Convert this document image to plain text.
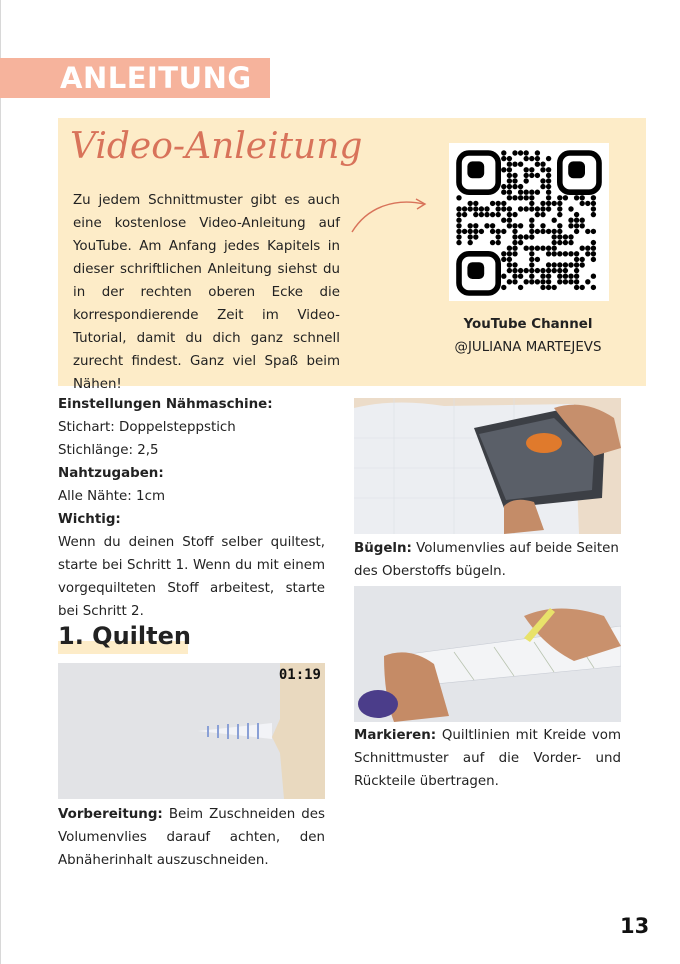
ANLEITUNG
Video-Anleitung
Zu jedem Schnittmuster gibt es auch eine kostenlose Video-Anleitung auf YouTube. Am Anfang jedes Kapitels in dieser schriftlichen Anleitung siehst du in der rechten oberen Ecke die korrespondierende Zeit im Video-Tutorial, damit du dich ganz schnell zurecht findest. Ganz viel Spaß beim Nähen!
YouTube Channel
@JULIANA MARTEJEVS
Einstellungen Nähmaschine:
Stichart: Doppelsteppstich
Stichlänge: 2,5
Nahtzugaben:
Alle Nähte: 1cm
Wichtig:
Wenn du deinen Stoff selber quiltest, starte bei Schritt 1. Wenn du mit einem vorgequilteten Stoff arbeitest, starte bei Schritt 2.
1. Quilten
01:19
Vorbereitung: Beim Zuschneiden des Volumenvlies darauf achten, den Abnäherinhalt auszuschneiden.
Bügeln: Volumenvlies auf beide Seiten des Oberstoffs bügeln.
Markieren: Quiltlinien mit Kreide vom Schnittmuster auf die Vorder- und Rückteile übertragen.
13
